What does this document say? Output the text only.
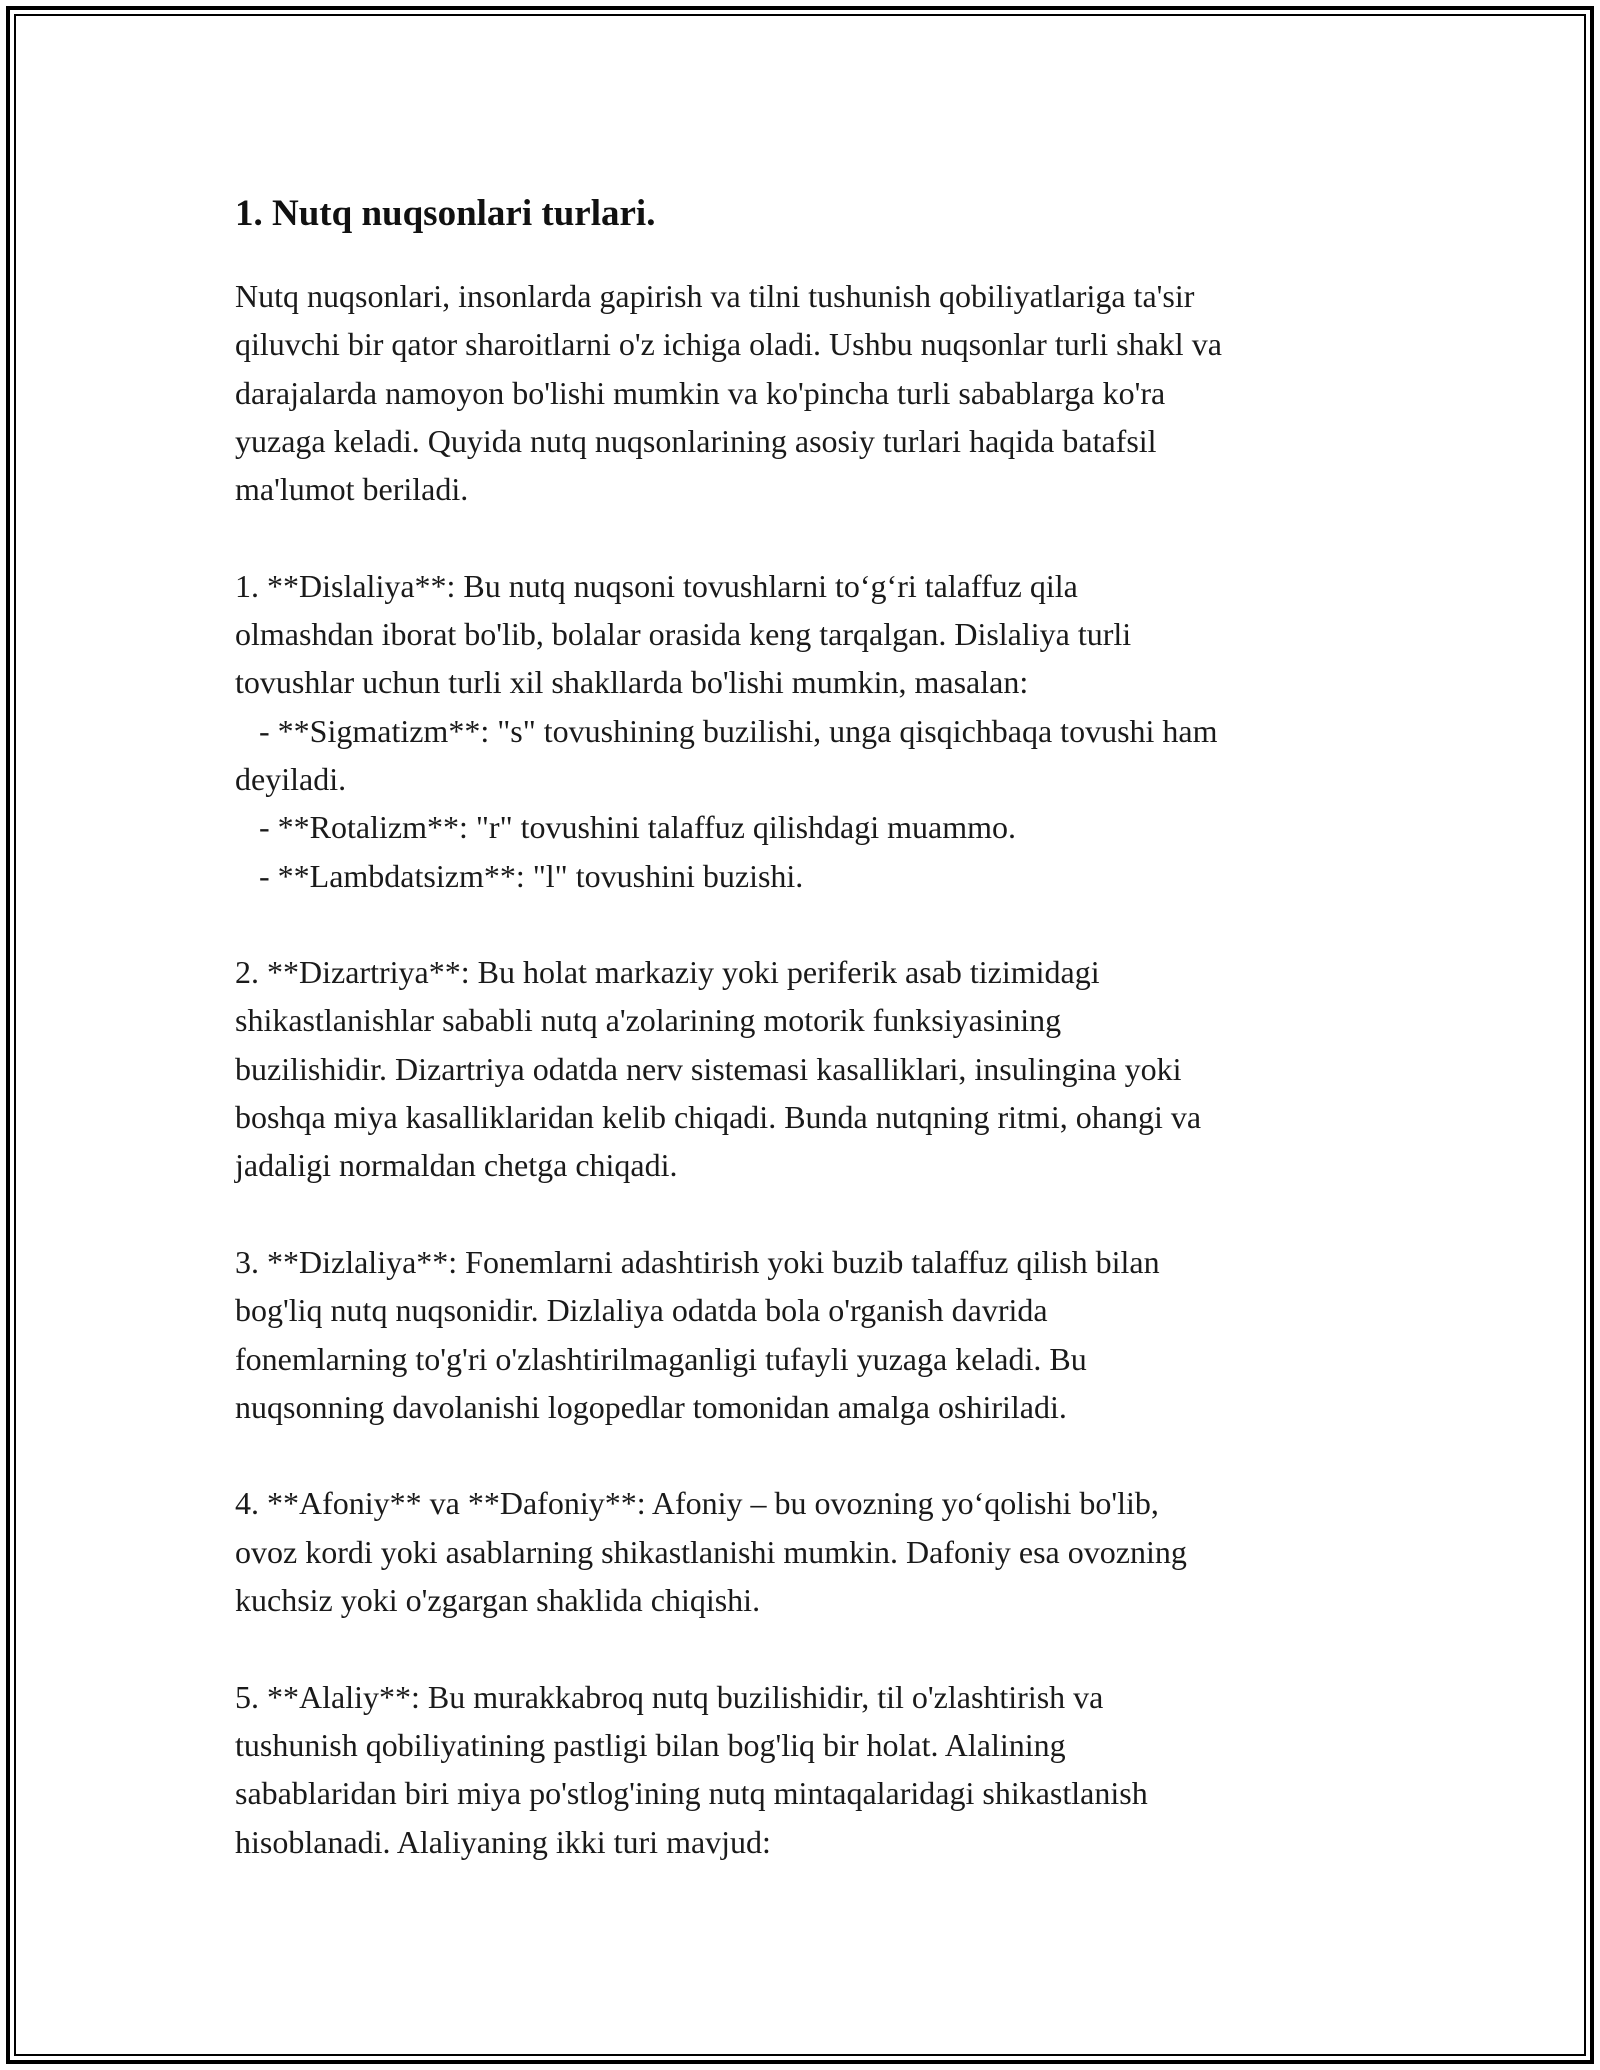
1. Nutq nuqsonlari turlari.
Nutq nuqsonlari, insonlarda gapirish va tilni tushunish qobiliyatlariga ta'sir
qiluvchi bir qator sharoitlarni o'z ichiga oladi. Ushbu nuqsonlar turli shakl va
darajalarda namoyon bo'lishi mumkin va ko'pincha turli sabablarga ko'ra
yuzaga keladi. Quyida nutq nuqsonlarining asosiy turlari haqida batafsil
ma'lumot beriladi.
1. **Dislaliya**: Bu nutq nuqsoni tovushlarni to‘g‘ri talaffuz qila
olmashdan iborat bo'lib, bolalar orasida keng tarqalgan. Dislaliya turli
tovushlar uchun turli xil shakllarda bo'lishi mumkin, masalan:
- **Sigmatizm**: "s" tovushining buzilishi, unga qisqichbaqa tovushi ham
deyiladi.
- **Rotalizm**: "r" tovushini talaffuz qilishdagi muammo.
- **Lambdatsizm**: "l" tovushini buzishi.
2. **Dizartriya**: Bu holat markaziy yoki periferik asab tizimidagi
shikastlanishlar sababli nutq a'zolarining motorik funksiyasining
buzilishidir. Dizartriya odatda nerv sistemasi kasalliklari, insulingina yoki
boshqa miya kasalliklaridan kelib chiqadi. Bunda nutqning ritmi, ohangi va
jadaligi normaldan chetga chiqadi.
3. **Dizlaliya**: Fonemlarni adashtirish yoki buzib talaffuz qilish bilan
bog'liq nutq nuqsonidir. Dizlaliya odatda bola o'rganish davrida
fonemlarning to'g'ri o'zlashtirilmaganligi tufayli yuzaga keladi. Bu
nuqsonning davolanishi logopedlar tomonidan amalga oshiriladi.
4. **Afoniy** va **Dafoniy**: Afoniy – bu ovozning yo‘qolishi bo'lib,
ovoz kordi yoki asablarning shikastlanishi mumkin. Dafoniy esa ovozning
kuchsiz yoki o'zgargan shaklida chiqishi.
5. **Alaliy**: Bu murakkabroq nutq buzilishidir, til o'zlashtirish va
tushunish qobiliyatining pastligi bilan bog'liq bir holat. Alalining
sabablaridan biri miya po'stlog'ining nutq mintaqalaridagi shikastlanish
hisoblanadi. Alaliyaning ikki turi mavjud:
